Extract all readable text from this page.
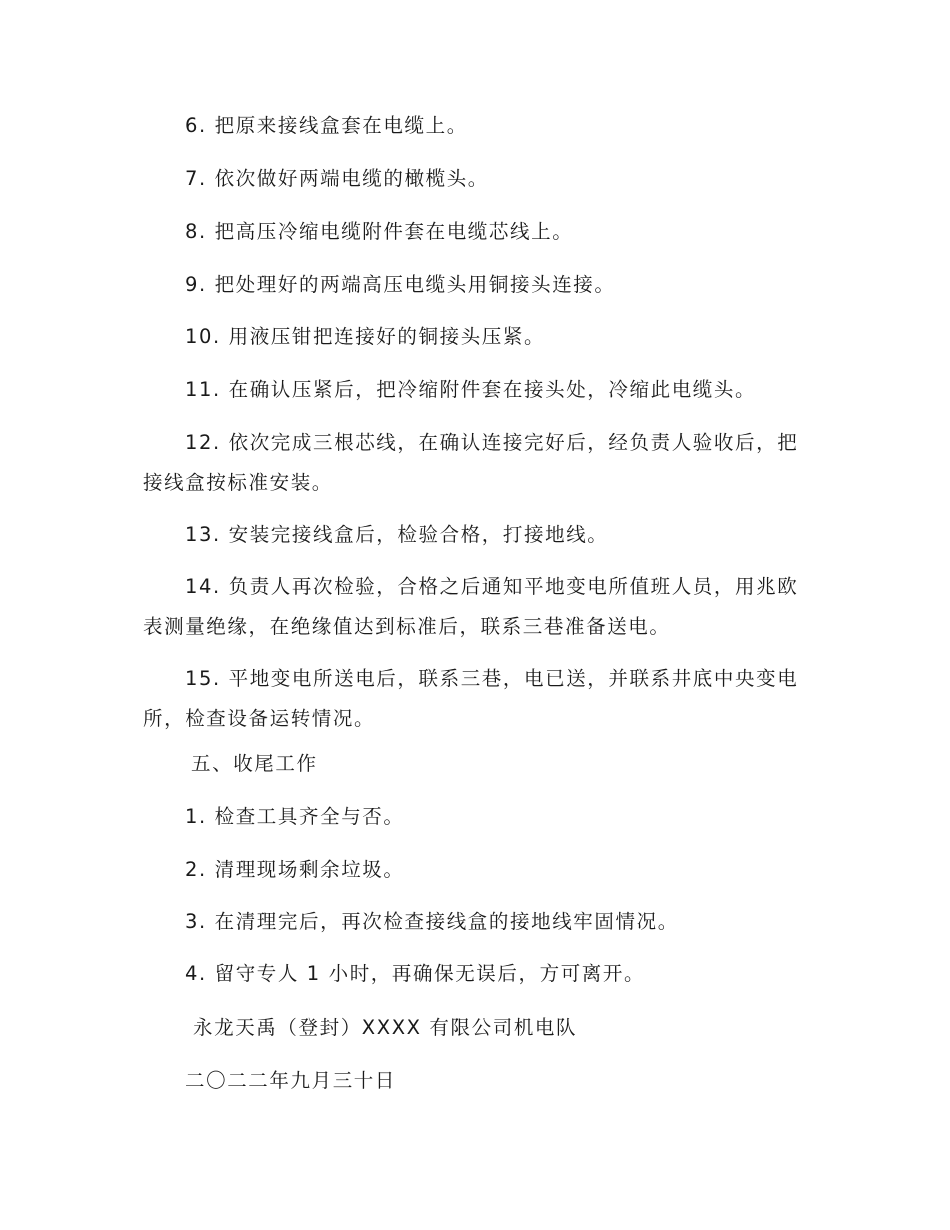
6. 把原来接线盒套在电缆上。

7. 依次做好两端电缆的橄榄头。

8. 把高压冷缩电缆附件套在电缆芯线上。

9. 把处理好的两端高压电缆头用铜接头连接。

10. 用液压钳把连接好的铜接头压紧。

11. 在确认压紧后，把冷缩附件套在接头处，冷缩此电缆头。

12. 依次完成三根芯线，在确认连接完好后，经负责人验收后，把接线盒按标准安装。

13. 安装完接线盒后，检验合格，打接地线。

14. 负责人再次检验，合格之后通知平地变电所值班人员，用兆欧表测量绝缘，在绝缘值达到标准后，联系三巷准备送电。

15. 平地变电所送电后，联系三巷，电已送，并联系井底中央变电所，检查设备运转情况。

五、收尾工作

1. 检查工具齐全与否。

2. 清理现场剩余垃圾。

3. 在清理完后，再次检查接线盒的接地线牢固情况。

4. 留守专人 1 小时，再确保无误后，方可离开。

永龙天禹（登封）XXXX 有限公司机电队

二〇二二年九月三十日
